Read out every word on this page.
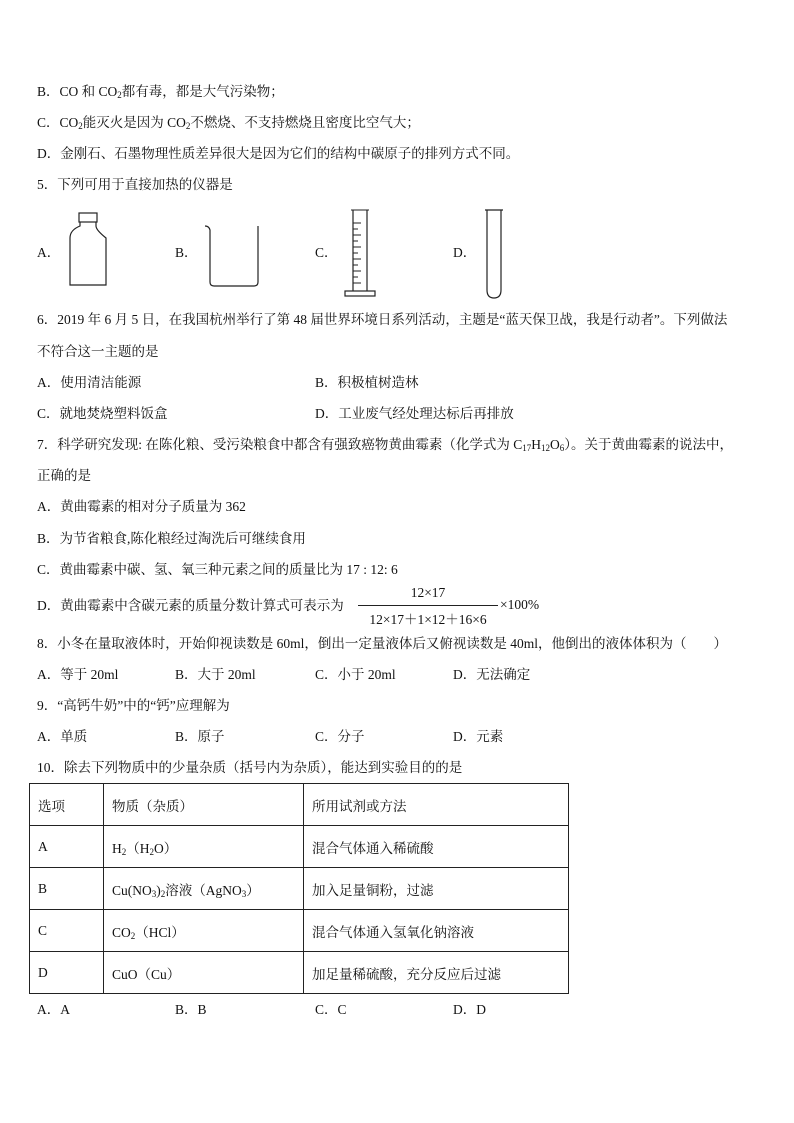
B．CO 和 $CO_2$都有毒，都是大气污染物；
C．$CO_2$能灭火是因为 $CO_2$不燃烧、不支持燃烧且密度比空气大；
D．金刚石、石墨物理性质差异很大是因为它们的结构中碳原子的排列方式不同。
5．下列可用于直接加热的仪器是
A．	B．	C．	D．
6．2019 年 6 月 5 日，在我国杭州举行了第 48 届世界环境日系列活动，主题是“蓝天保卫战，我是行动者”。下列做法
不符合这一主题的是
A．使用清洁能源	B．积极植树造林
C．就地焚烧塑料饭盒	D．工业废气经处理达标后再排放
7．科学研究发现: 在陈化粮、受污染粮食中都含有强致癌物黄曲霉素（化学式为 $C_{17}H_{12}O_6$）。关于黄曲霉素的说法中，
正确的是
A．黄曲霉素的相对分子质量为 362
B．为节省粮食,陈化粮经过淘洗后可继续食用
C．黄曲霉素中碳、氢、氧三种元素之间的质量比为 17 : 12: 6
D．黄曲霉素中含碳元素的质量分数计算式可表示为
12×17
12×17＋1×12＋16×6
×100%
8．小冬在量取液体时，开始仰视读数是 60ml，倒出一定量液体后又俯视读数是 40ml，他倒出的液体体积为（　　）
A．等于 20ml	B．大于 20ml	C．小于 20ml	D．无法确定
9．“高钙牛奶”中的“钙”应理解为
A．单质	B．原子	C．分子	D．元素
10．除去下列物质中的少量杂质（括号内为杂质），能达到实验目的的是
选项	物质（杂质）	所用试剂或方法
A	$H_2(H_2O)$	混合气体通入稀硫酸
B	$Cu(NO_3)_2$溶液（AgNO$_3$）	加入足量铜粉，过滤
C	$CO_2(HCl)$	混合气体通入氢氧化钠溶液
D	CuO（Cu）	加足量稀硫酸，充分反应后过滤
A．A	B．B	C．C	D．D
